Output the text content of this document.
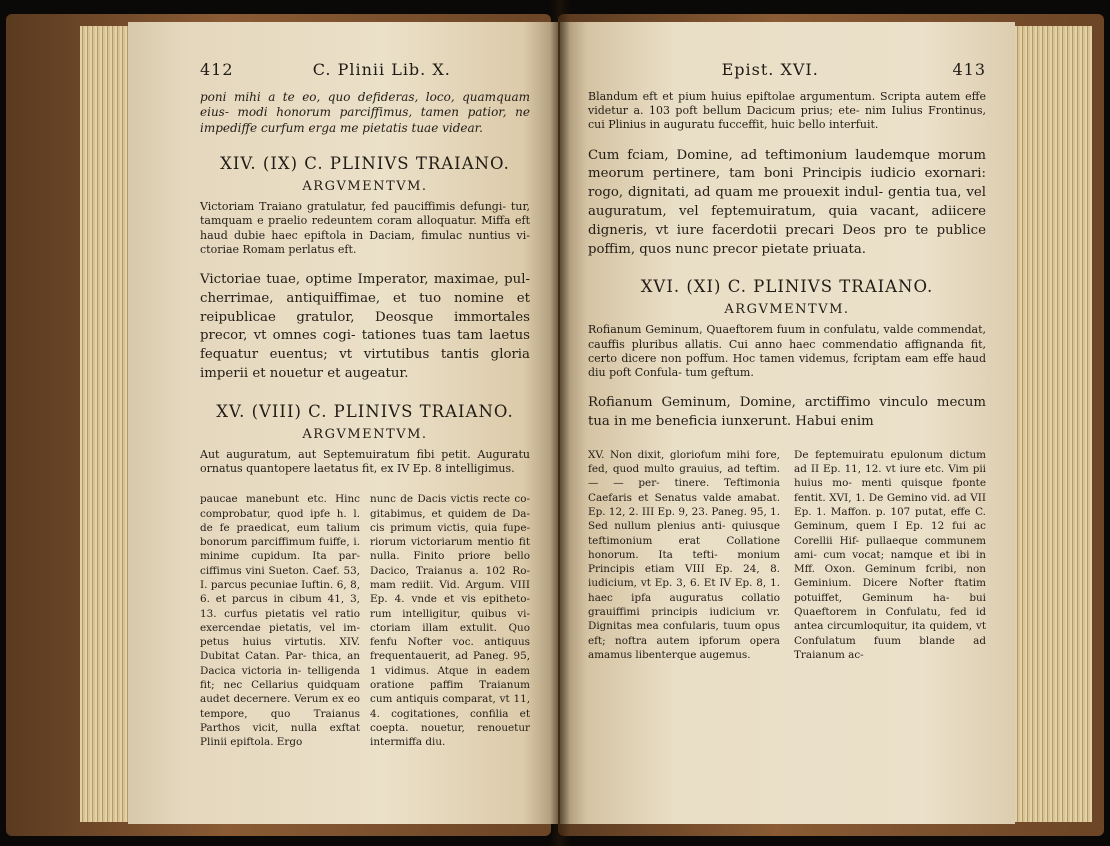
412	C. Plinii Lib. X.

poni mihi a te eo, quo defideras, loco, quamquam eius- modi honorum parciffimus, tamen patior, ne impediffe curfum erga me pietatis tuae videar.

XIV. (IX) C. PLINIVS TRAIANO.
ARGVMENTVM.

Victoriam Traiano gratulatur, fed pauciffimis defungi- tur, tamquam e praelio redeuntem coram alloquatur. Miffa eft haud dubie haec epiftola in Daciam, fimulac nuntius vi- ctoriae Romam perlatus eft.

Victoriae tuae, optime Imperator, maximae, pul- cherrimae, antiquiffimae, et tuo nomine et reipublicae gratulor, Deosque immortales precor, vt omnes cogi- tationes tuas tam laetus fequatur euentus; vt virtutibus tantis gloria imperii et nouetur et augeatur.

XV. (VIII) C. PLINIVS TRAIANO.
ARGVMENTVM.

Aut auguratum, aut Septemuiratum fibi petit. Auguratu ornatus quantopere laetatus fit, ex IV Ep. 8 intelligimus.

paucae manebunt etc. Hinc comprobatur, quod ipfe h. l. de fe praedicat, eum talium bonorum parciffimum fuiffe, i. minime cupidum. Ita par- ciffimus vini Sueton. Caef. 53, I. parcus pecuniae Iuftin. 6, 8, 6. et parcus in cibum 41, 3, 13. curfus pietatis vel ratio exercendae pietatis, vel im- petus huius virtutis. XIV. Dubitat Catan. Par- thica, an Dacica victoria in- telligenda fit; nec Cellarius quidquam audet decernere. Verum ex eo tempore, quo Traianus Parthos vicit, nulla exftat Plinii epiftola. Ergo

nunc de Dacis victis recte co- gitabimus, et quidem de Da- cis primum victis, quia fupe- riorum victoriarum mentio fit nulla. Finito priore bello Dacico, Traianus a. 102 Ro- mam rediit. Vid. Argum. VIII Ep. 4. vnde et vis epitheto- rum intelligitur, quibus vi- ctoriam illam extulit. Quo fenfu Nofter voc. antiquus frequentauerit, ad Paneg. 95, 1 vidimus. Atque in eadem oratione paffim Traianum cum antiquis comparat, vt 11, 4. cogitationes, confilia et coepta. nouetur, renouetur intermiffa diu.

Epist. XVI.	413

Blandum eft et pium huius epiftolae argumentum. Scripta autem effe videtur a. 103 poft bellum Dacicum prius; ete- nim Iulius Frontinus, cui Plinius in auguratu fucceffit, huic bello interfuit.

Cum fciam, Domine, ad teftimonium laudemque morum meorum pertinere, tam boni Principis iudicio exornari: rogo, dignitati, ad quam me prouexit indul- gentia tua, vel auguratum, vel feptemuiratum, quia vacant, adiicere digneris, vt iure facerdotii precari Deos pro te publice poffim, quos nunc precor pietate priuata.

XVI. (XI) C. PLINIVS TRAIANO.
ARGVMENTVM.

Rofianum Geminum, Quaeftorem fuum in confulatu, valde commendat, cauffis pluribus allatis. Cui anno haec commendatio affignanda fit, certo dicere non poffum. Hoc tamen videmus, fcriptam eam effe haud diu poft Confula- tum geftum.

Rofianum Geminum, Domine, arctiffimo vinculo mecum tua in me beneficia iunxerunt. Habui enim

XV. Non dixit, gloriofum mihi fore, fed, quod multo grauius, ad teftim. — — per- tinere. Teftimonia Caefaris et Senatus valde amabat. Ep. 12, 2. III Ep. 9, 23. Paneg. 95, 1. Sed nullum plenius anti- quiusque teftimonium erat Collatione honorum. Ita tefti- monium Principis etiam VIII Ep. 24, 8. iudicium, vt Ep. 3, 6. Et IV Ep. 8, 1. haec ipfa auguratus collatio grauiffimi principis iudicium vr. Dignitas mea confularis, tuum opus eft; noftra autem ipforum opera amamus libenterque augemus.

De feptemuiratu epulonum dictum ad II Ep. 11, 12. vt iure etc. Vim pii huius mo- menti quisque fponte fentit. XVI, 1. De Gemino vid. ad VII Ep. 1. Maffon. p. 107 putat, effe C. Geminum, quem I Ep. 12 fui ac Corellii Hif- pullaeque communem ami- cum vocat; namque et ibi in Mff. Oxon. Geminum fcribi, non Geminium. Dicere Nofter ftatim potuiffet, Geminum ha- bui Quaeftorem in Confulatu, fed id antea circumloquitur, ita quidem, vt Confulatum fuum blande ad Traianum ac-
